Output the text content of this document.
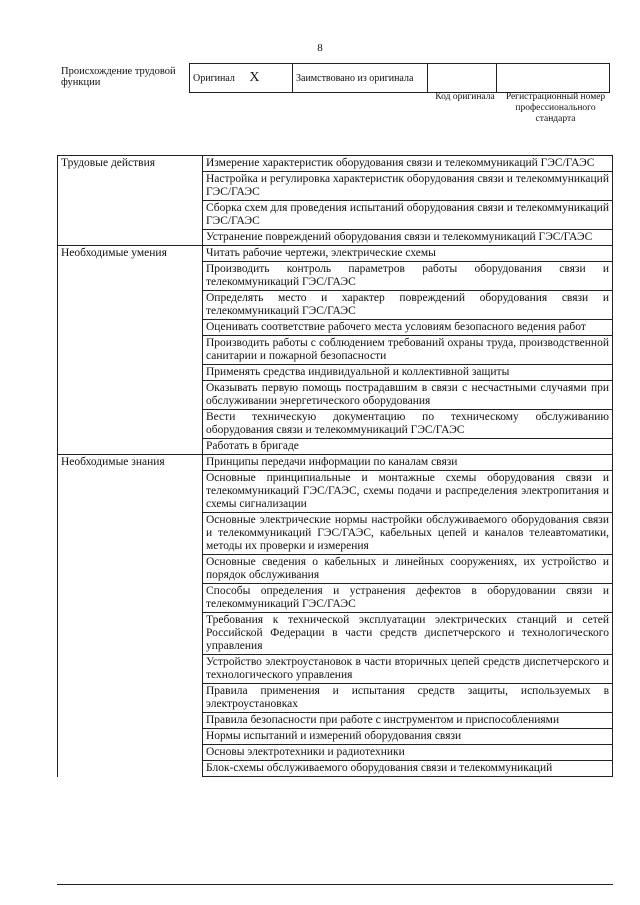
8
Происхождение трудовой функции	Оригинал X	Заимствовано из оригинала		
Код оригинала	Регистрационный номер профессионального стандарта
Трудовые действия	Измерение характеристик оборудования связи и телекоммуникаций ГЭС/ГАЭС
	Настройка и регулировка характеристик оборудования связи и телекоммуникаций ГЭС/ГАЭС
	Сборка схем для проведения испытаний оборудования связи и телекоммуникаций ГЭС/ГАЭС
	Устранение повреждений оборудования связи и телекоммуникаций ГЭС/ГАЭС
Необходимые умения	Читать рабочие чертежи, электрические схемы
	Производить контроль параметров работы оборудования связи и телекоммуникаций ГЭС/ГАЭС
	Определять место и характер повреждений оборудования связи и телекоммуникаций ГЭС/ГАЭС
	Оценивать соответствие рабочего места условиям безопасного ведения работ
	Производить работы с соблюдением требований охраны труда, производственной санитарии и пожарной безопасности
	Применять средства индивидуальной и коллективной защиты
	Оказывать первую помощь пострадавшим в связи с несчастными случаями при обслуживании энергетического оборудования
	Вести техническую документацию по техническому обслуживанию оборудования связи и телекоммуникаций ГЭС/ГАЭС
	Работать в бригаде
Необходимые знания	Принципы передачи информации по каналам связи
	Основные принципиальные и монтажные схемы оборудования связи и телекоммуникаций ГЭС/ГАЭС, схемы подачи и распределения электропитания и схемы сигнализации
	Основные электрические нормы настройки обслуживаемого оборудования связи и телекоммуникаций ГЭС/ГАЭС, кабельных цепей и каналов телеавтоматики, методы их проверки и измерения
	Основные сведения о кабельных и линейных сооружениях, их устройство и порядок обслуживания
	Способы определения и устранения дефектов в оборудовании связи и телекоммуникаций ГЭС/ГАЭС
	Требования к технической эксплуатации электрических станций и сетей Российской Федерации в части средств диспетчерского и технологического управления
	Устройство электроустановок в части вторичных цепей средств диспетчерского и технологического управления
	Правила применения и испытания средств защиты, используемых в электроустановках
	Правила безопасности при работе с инструментом и приспособлениями
	Нормы испытаний и измерений оборудования связи
	Основы электротехники и радиотехники
	Блок-схемы обслуживаемого оборудования связи и телекоммуникаций
